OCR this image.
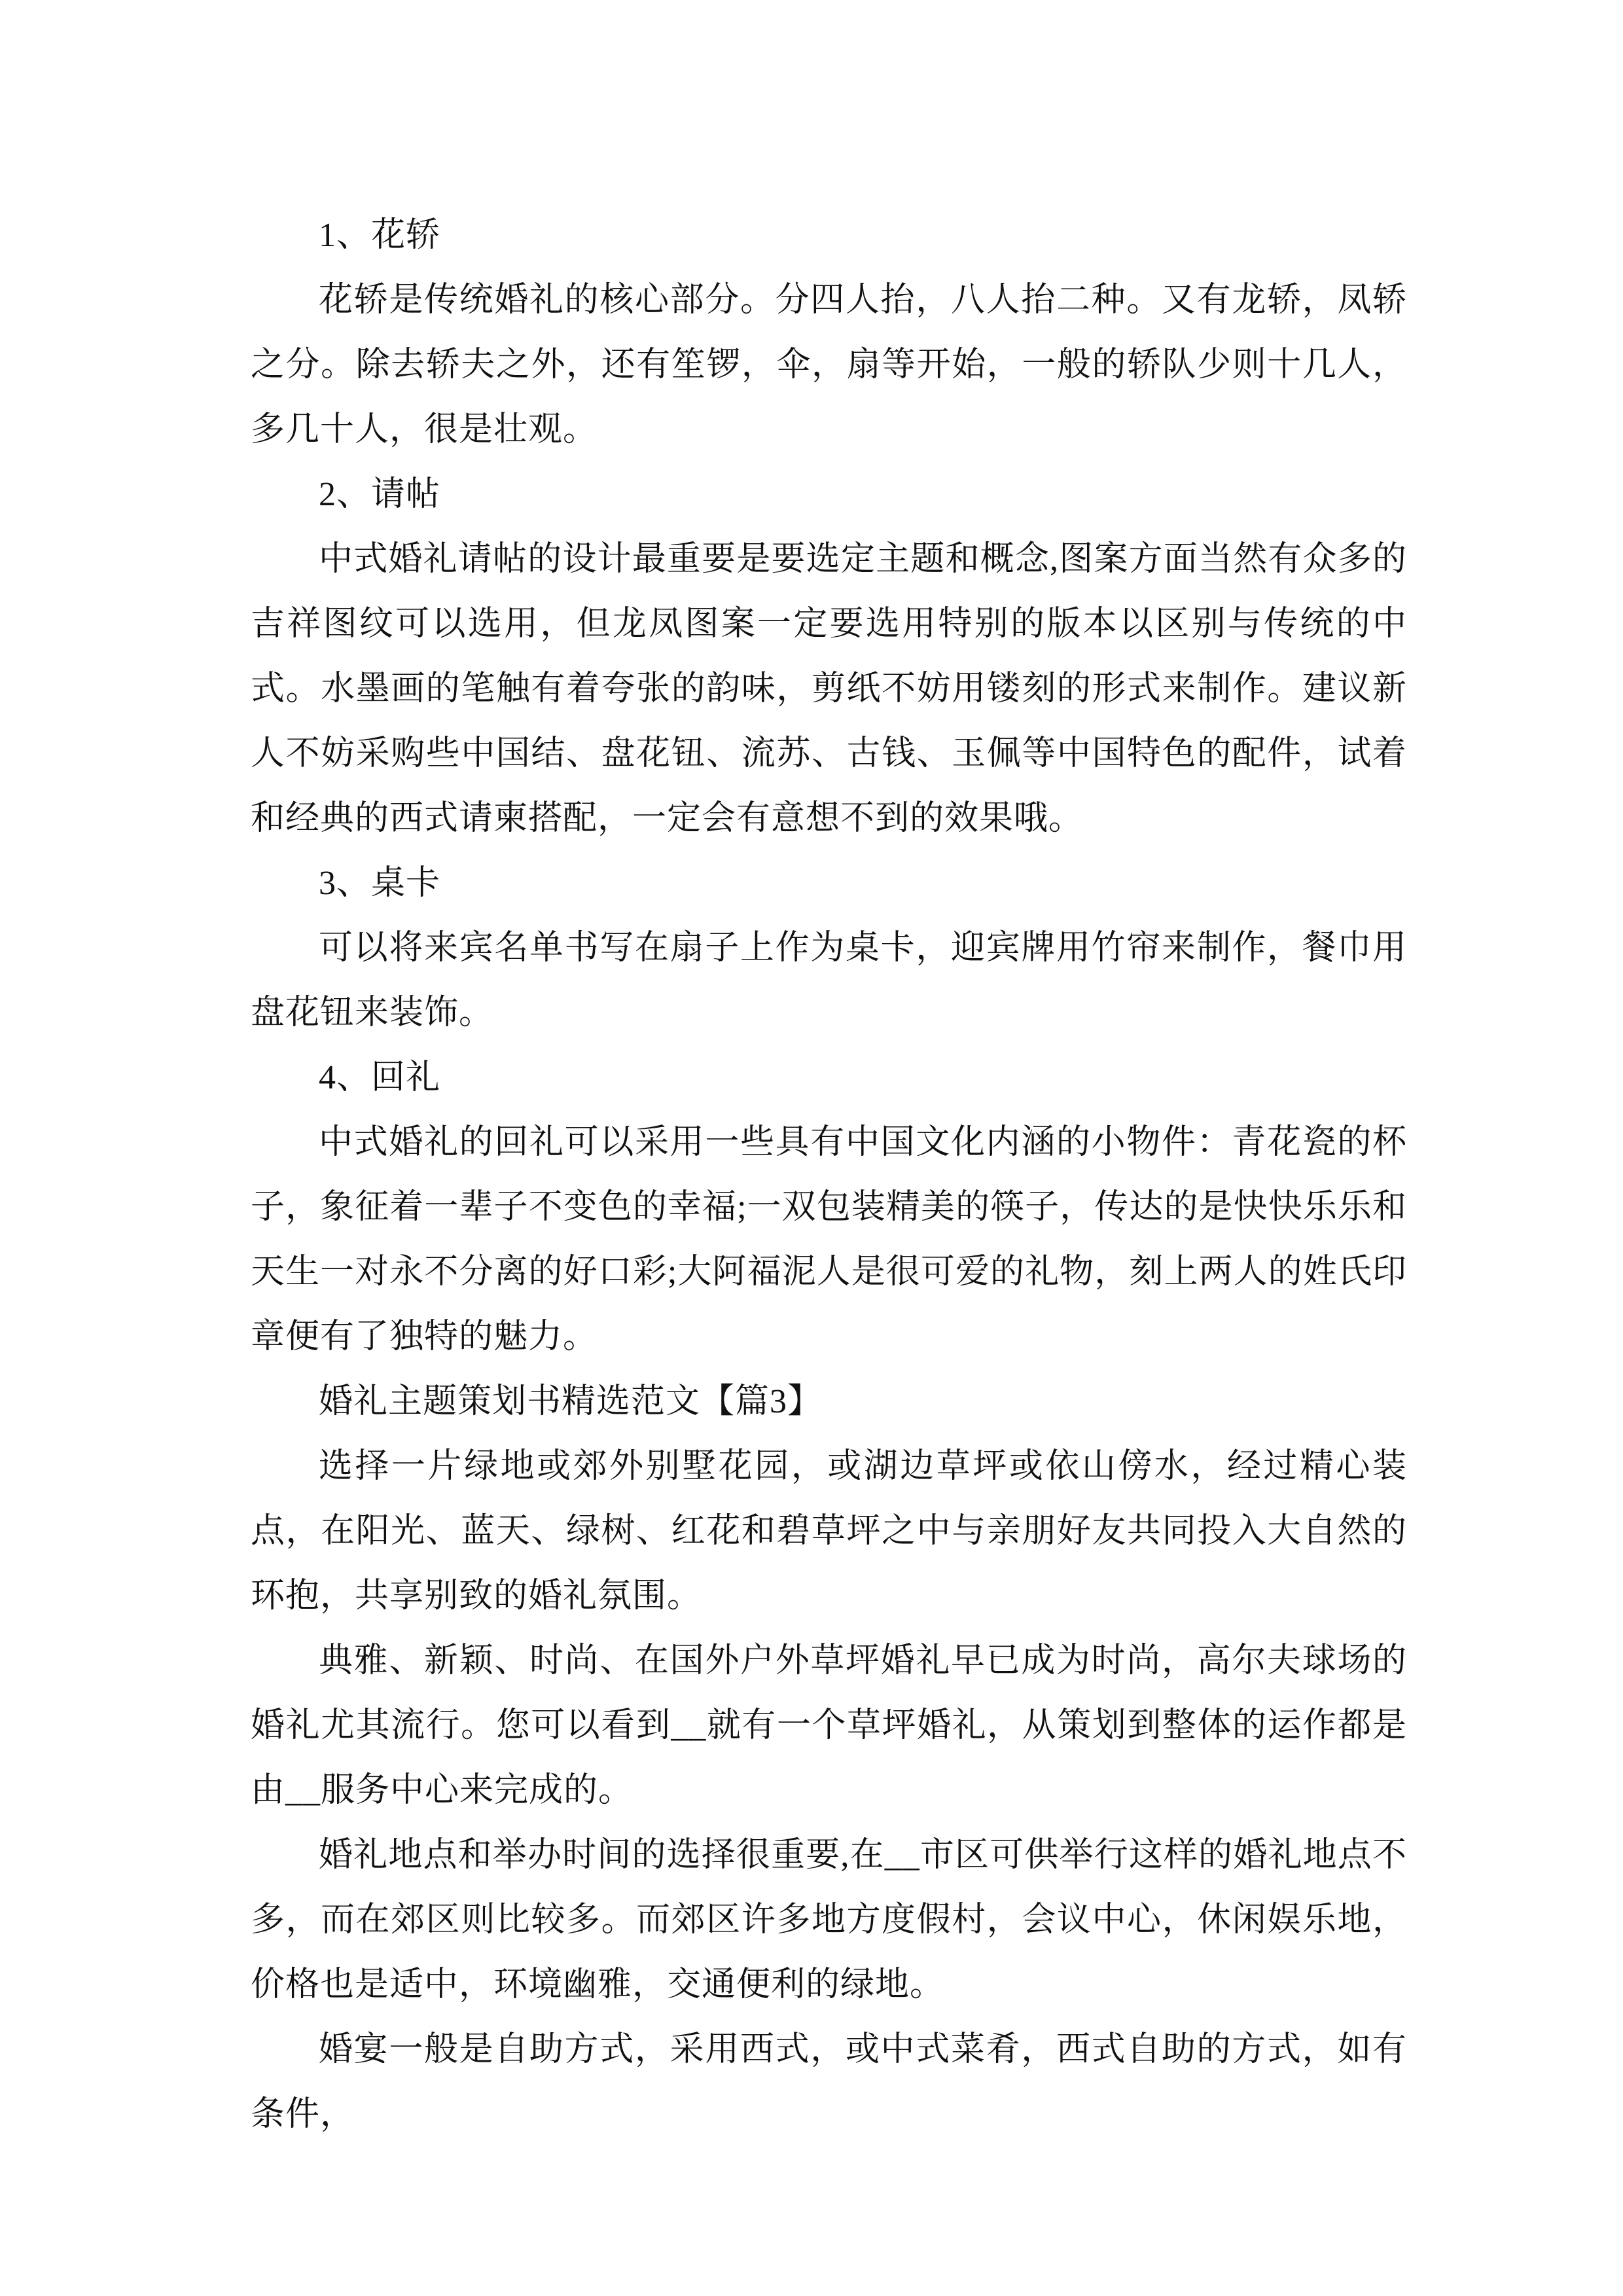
1、花轿

花轿是传统婚礼的核心部分。分四人抬，八人抬二种。又有龙轿，凤轿之分。除去轿夫之外，还有笙锣，伞，扇等开始，一般的轿队少则十几人，多几十人，很是壮观。

2、请帖

中式婚礼请帖的设计最重要是要选定主题和概念,图案方面当然有众多的吉祥图纹可以选用，但龙凤图案一定要选用特别的版本以区别与传统的中式。水墨画的笔触有着夸张的韵味，剪纸不妨用镂刻的形式来制作。建议新人不妨采购些中国结、盘花钮、流苏、古钱、玉佩等中国特色的配件，试着和经典的西式请柬搭配，一定会有意想不到的效果哦。

3、桌卡

可以将来宾名单书写在扇子上作为桌卡，迎宾牌用竹帘来制作，餐巾用盘花钮来装饰。

4、回礼

中式婚礼的回礼可以采用一些具有中国文化内涵的小物件：青花瓷的杯子，象征着一辈子不变色的幸福;一双包装精美的筷子，传达的是快快乐乐和天生一对永不分离的好口彩;大阿福泥人是很可爱的礼物，刻上两人的姓氏印章便有了独特的魅力。

婚礼主题策划书精选范文【篇3】

选择一片绿地或郊外别墅花园，或湖边草坪或依山傍水，经过精心装点，在阳光、蓝天、绿树、红花和碧草坪之中与亲朋好友共同投入大自然的环抱，共享别致的婚礼氛围。

典雅、新颖、时尚、在国外户外草坪婚礼早已成为时尚，高尔夫球场的婚礼尤其流行。您可以看到__就有一个草坪婚礼，从策划到整体的运作都是由__服务中心来完成的。

婚礼地点和举办时间的选择很重要,在__市区可供举行这样的婚礼地点不多，而在郊区则比较多。而郊区许多地方度假村，会议中心，休闲娱乐地，价格也是适中，环境幽雅，交通便利的绿地。

婚宴一般是自助方式，采用西式，或中式菜肴，西式自助的方式，如有条件，
